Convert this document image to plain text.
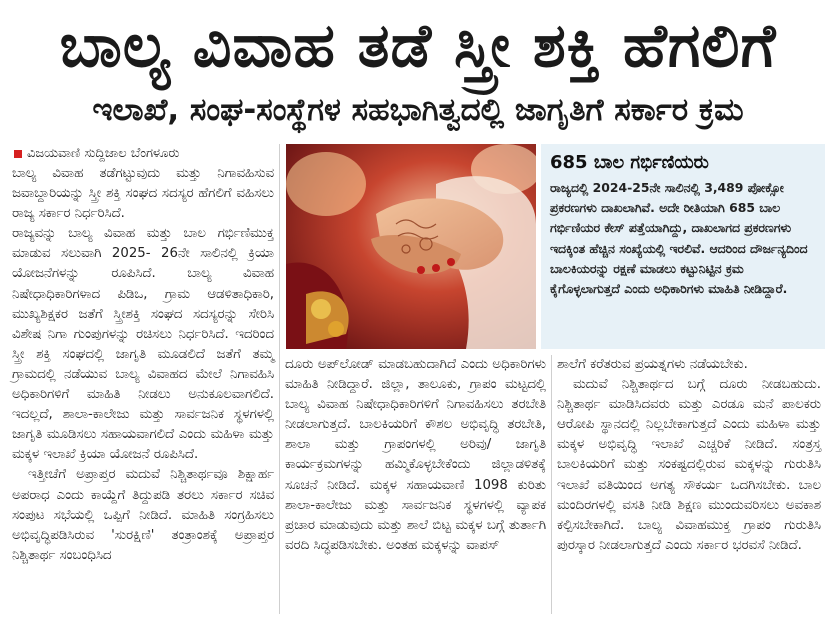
ಬಾಲ್ಯ ವಿವಾಹ ತಡೆ ಸ್ತ್ರೀ ಶಕ್ತಿ ಹೆಗಲಿಗೆ
ಇಲಾಖೆ, ಸಂಘ-ಸಂಸ್ಥೆಗಳ ಸಹಭಾಗಿತ್ವದಲ್ಲಿ ಜಾಗೃತಿಗೆ ಸರ್ಕಾರ ಕ್ರಮ
ವಿಜಯವಾಣಿ ಸುದ್ದಿಜಾಲ ಬೆಂಗಳೂರು

ಬಾಲ್ಯ ವಿವಾಹ ತಡೆಗಟ್ಟುವುದು ಮತ್ತು ನಿಗಾವಹಿಸುವ ಜವಾಬ್ದಾರಿಯನ್ನು ಸ್ತ್ರೀ ಶಕ್ತಿ ಸಂಘದ ಸದಸ್ಯರ ಹೆಗಲಿಗೆ ವಹಿಸಲು ರಾಜ್ಯ ಸರ್ಕಾರ ನಿರ್ಧರಿಸಿದೆ.

ರಾಜ್ಯವನ್ನು ಬಾಲ್ಯ ವಿವಾಹ ಮತ್ತು ಬಾಲ ಗರ್ಭಿಣಿಮುಕ್ತ ಮಾಡುವ ಸಲುವಾಗಿ 2025- 26ನೇ ಸಾಲಿನಲ್ಲಿ ಕ್ರಿಯಾ ಯೋಜನೆಗಳನ್ನು ರೂಪಿಸಿದೆ. ಬಾಲ್ಯ ವಿವಾಹ ನಿಷೇಧಾಧಿಕಾರಿಗಳಾದ ಪಿಡಿಒ, ಗ್ರಾಮ ಆಡಳಿತಾಧಿಕಾರಿ, ಮುಖ್ಯಶಿಕ್ಷಕರ ಜತೆಗೆ ಸ್ತ್ರೀಶಕ್ತಿ ಸಂಘದ ಸದಸ್ಯರನ್ನು ಸೇರಿಸಿ ವಿಶೇಷ ನಿಗಾ ಗುಂಪುಗಳನ್ನು ರಚಿಸಲು ನಿರ್ಧರಿಸಿದೆ. ಇದರಿಂದ ಸ್ತ್ರೀ ಶಕ್ತಿ ಸಂಘದಲ್ಲಿ ಜಾಗೃತಿ ಮೂಡಲಿದೆ ಜತೆಗೆ ತಮ್ಮ ಗ್ರಾಮದಲ್ಲಿ ನಡೆಯುವ ಬಾಲ್ಯ ವಿವಾಹದ ಮೇಲೆ ನಿಗಾವಹಿಸಿ ಅಧಿಕಾರಿಗಳಿಗೆ ಮಾಹಿತಿ ನೀಡಲು ಅನುಕೂಲವಾಗಲಿದೆ. ಇದಲ್ಲದೆ, ಶಾಲಾ-ಕಾಲೇಜು ಮತ್ತು ಸಾರ್ವಜನಿಕ ಸ್ಥಳಗಳಲ್ಲಿ ಜಾಗೃತಿ ಮೂಡಿಸಲು ಸಹಾಯವಾಗಲಿದೆ ಎಂದು ಮಹಿಳಾ ಮತ್ತು ಮಕ್ಕಳ ಇಲಾಖೆ ಕ್ರಿಯಾ ಯೋಜನೆ ರೂಪಿಸಿದೆ.

ಇತ್ತೀಚೆಗೆ ಅಪ್ರಾಪ್ತರ ಮದುವೆ ನಿಶ್ಚಿತಾರ್ಥವೂ ಶಿಕ್ಷಾರ್ಹ ಅಪರಾಧ ಎಂದು ಕಾಯ್ದೆಗೆ ತಿದ್ದುಪಡಿ ತರಲು ಸರ್ಕಾರ ಸಚಿವ ಸಂಪುಟ ಸಭೆಯಲ್ಲಿ ಒಪ್ಪಿಗೆ ನೀಡಿದೆ. ಮಾಹಿತಿ ಸಂಗ್ರಹಿಸಲು ಅಭಿವೃದ್ಧಿಪಡಿಸಿರುವ 'ಸುರಕ್ಷಿಣಿ' ತಂತ್ರಾಂಶಕ್ಕೆ ಅಪ್ರಾಪ್ತರ ನಿಶ್ಚಿತಾರ್ಥ ಸಂಬಂಧಿಸಿದ

685 ಬಾಲ ಗರ್ಭಿಣಿಯರು

ರಾಜ್ಯದಲ್ಲಿ 2024-25ನೇ ಸಾಲಿನಲ್ಲಿ 3,489 ಪೋಕ್ಸೋ ಪ್ರಕರಣಗಳು ದಾಖಲಾಗಿವೆ. ಅದೇ ರೀತಿಯಾಗಿ 685 ಬಾಲ ಗರ್ಭಿಣಿಯರ ಕೇಸ್ ಪತ್ತೆಯಾಗಿದ್ದು, ದಾಖಲಾಗದ ಪ್ರಕರಣಗಳು ಇದಕ್ಕಿಂತ ಹೆಚ್ಚಿನ ಸಂಖ್ಯೆಯಲ್ಲಿ ಇರಲಿವೆ. ಆದರಿಂದ ದೌರ್ಜನ್ಯದಿಂದ ಬಾಲಕಿಯರನ್ನು ರಕ್ಷಣೆ ಮಾಡಲು ಕಟ್ಟುನಿಟ್ಟಿನ ಕ್ರಮ ಕೈಗೊಳ್ಳಲಾಗುತ್ತದೆ ಎಂದು ಅಧಿಕಾರಿಗಳು ಮಾಹಿತಿ ನೀಡಿದ್ದಾರೆ.

ದೂರು ಅಪ್‌ಲೋಡ್ ಮಾಡಬಹುದಾಗಿದೆ ಎಂದು ಅಧಿಕಾರಿಗಳು ಮಾಹಿತಿ ನೀಡಿದ್ದಾರೆ. ಜಿಲ್ಲಾ, ತಾಲೂಕು, ಗ್ರಾಪಂ ಮಟ್ಟದಲ್ಲಿ ಬಾಲ್ಯ ವಿವಾಹ ನಿಷೇಧಾಧಿಕಾರಿಗಳಿಗೆ ನಿಗಾವಹಿಸಲು ತರಬೇತಿ ನೀಡಲಾಗುತ್ತದೆ. ಬಾಲಕಿಯರಿಗೆ ಕೌಶಲ ಅಭಿವೃದ್ಧಿ ತರಬೇತಿ, ಶಾಲಾ ಮತ್ತು ಗ್ರಾಪಂಗಳಲ್ಲಿ ಅರಿವು/ ಜಾಗೃತಿ ಕಾರ್ಯಕ್ರಮಗಳನ್ನು ಹಮ್ಮಿಕೊಳ್ಳಬೇಕೆಂದು ಜಿಲ್ಲಾಡಳಿತಕ್ಕೆ ಸೂಚನೆ ನೀಡಿದೆ. ಮಕ್ಕಳ ಸಹಾಯವಾಣಿ 1098 ಕುರಿತು ಶಾಲಾ-ಕಾಲೇಜು ಮತ್ತು ಸಾರ್ವಜನಿಕ ಸ್ಥಳಗಳಲ್ಲಿ ವ್ಯಾಪಕ ಪ್ರಚಾರ ಮಾಡುವುದು ಮತ್ತು ಶಾಲೆ ಬಿಟ್ಟ ಮಕ್ಕಳ ಬಗ್ಗೆ ತುರ್ತಾಗಿ ವರದಿ ಸಿದ್ಧಪಡಿಸಬೇಕು. ಅಂತಹ ಮಕ್ಕಳನ್ನು ವಾಪಸ್

ಶಾಲೆಗೆ ಕರೆತರುವ ಪ್ರಯತ್ನಗಳು ನಡೆಯಬೇಕು.

ಮದುವೆ ನಿಶ್ಚಿತಾರ್ಥದ ಬಗ್ಗೆ ದೂರು ನೀಡಬಹುದು. ನಿಶ್ಚಿತಾರ್ಥ ಮಾಡಿಸಿದವರು ಮತ್ತು ಎರಡೂ ಮನೆ ಪಾಲಕರು ಆರೋಪಿ ಸ್ಥಾನದಲ್ಲಿ ನಿಲ್ಲಬೇಕಾಗುತ್ತದೆ ಎಂದು ಮಹಿಳಾ ಮತ್ತು ಮಕ್ಕಳ ಅಭಿವೃದ್ಧಿ ಇಲಾಖೆ ಎಚ್ಚರಿಕೆ ನೀಡಿದೆ. ಸಂತ್ರಸ್ತ ಬಾಲಕಿಯರಿಗೆ ಮತ್ತು ಸಂಕಷ್ಟದಲ್ಲಿರುವ ಮಕ್ಕಳನ್ನು ಗುರುತಿಸಿ ಇಲಾಖೆ ವತಿಯಿಂದ ಅಗತ್ಯ ಸೌಕರ್ಯ ಒದಗಿಸಬೇಕು. ಬಾಲ ಮಂದಿರಗಳಲ್ಲಿ ವಸತಿ ನೀಡಿ ಶಿಕ್ಷಣ ಮುಂದುವರಿಸಲು ಅವಕಾಶ ಕಲ್ಪಿಸಬೇಕಾಗಿದೆ. ಬಾಲ್ಯ ವಿವಾಹಮುಕ್ತ ಗ್ರಾಪಂ ಗುರುತಿಸಿ ಪುರಸ್ಕಾರ ನೀಡಲಾಗುತ್ತದೆ ಎಂದು ಸರ್ಕಾರ ಭರವಸೆ ನೀಡಿದೆ.
